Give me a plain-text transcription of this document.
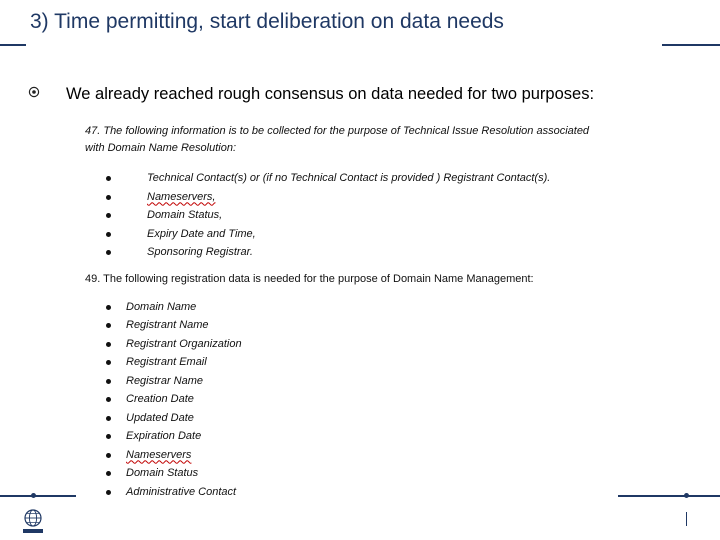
3) Time permitting, start deliberation on data needs
We already reached rough consensus on data needed for two purposes:

47. The following information is to be collected for the purpose of Technical Issue Resolution associated
with Domain Name Resolution:

Technical Contact(s) or (if no Technical Contact is provided ) Registrant Contact(s).
Nameservers,
Domain Status,
Expiry Date and Time,
Sponsoring Registrar.

49. The following registration data is needed for the purpose of Domain Name Management:

Domain Name
Registrant Name
Registrant Organization
Registrant Email
Registrar Name
Creation Date
Updated Date
Expiration Date
Nameservers
Domain Status
Administrative Contact
